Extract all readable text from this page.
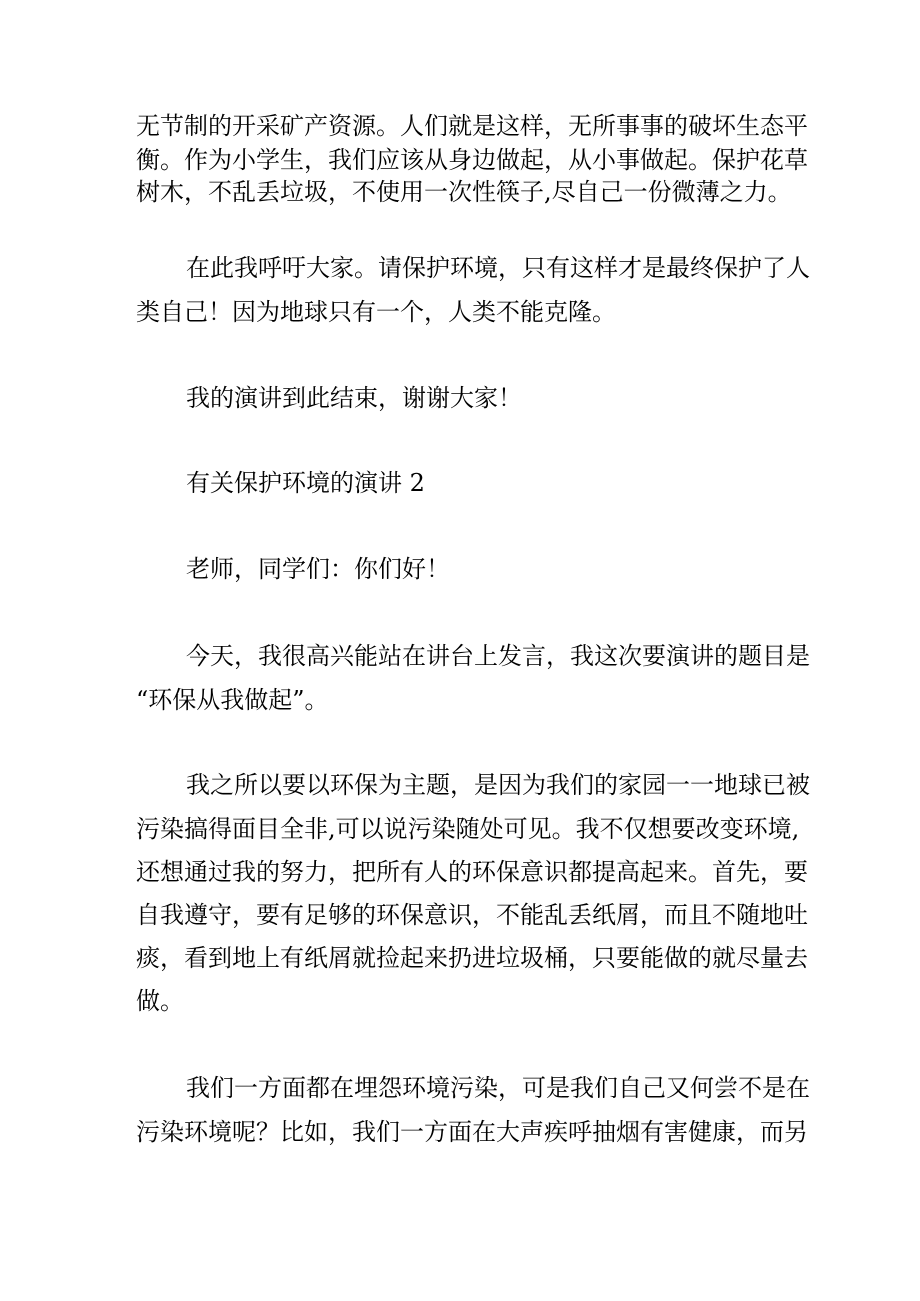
无节制的开采矿产资源。人们就是这样，无所事事的破坏生态平
衡。作为小学生，我们应该从身边做起，从小事做起。保护花草
树木，不乱丢垃圾，不使用一次性筷子,尽自己一份微薄之力。
在此我呼吁大家。请保护环境，只有这样才是最终保护了人
类自己！因为地球只有一个，人类不能克隆。
我的演讲到此结束，谢谢大家！
有关保护环境的演讲 2
老师，同学们：你们好！
今天，我很高兴能站在讲台上发言，我这次要演讲的题目是
“环保从我做起”。
我之所以要以环保为主题，是因为我们的家园一一地球已被
污染搞得面目全非,可以说污染随处可见。我不仅想要改变环境,
还想通过我的努力，把所有人的环保意识都提高起来。首先，要
自我遵守，要有足够的环保意识，不能乱丢纸屑，而且不随地吐
痰，看到地上有纸屑就捡起来扔进垃圾桶，只要能做的就尽量去
做。
我们一方面都在埋怨环境污染，可是我们自己又何尝不是在
污染环境呢？比如，我们一方面在大声疾呼抽烟有害健康，而另
